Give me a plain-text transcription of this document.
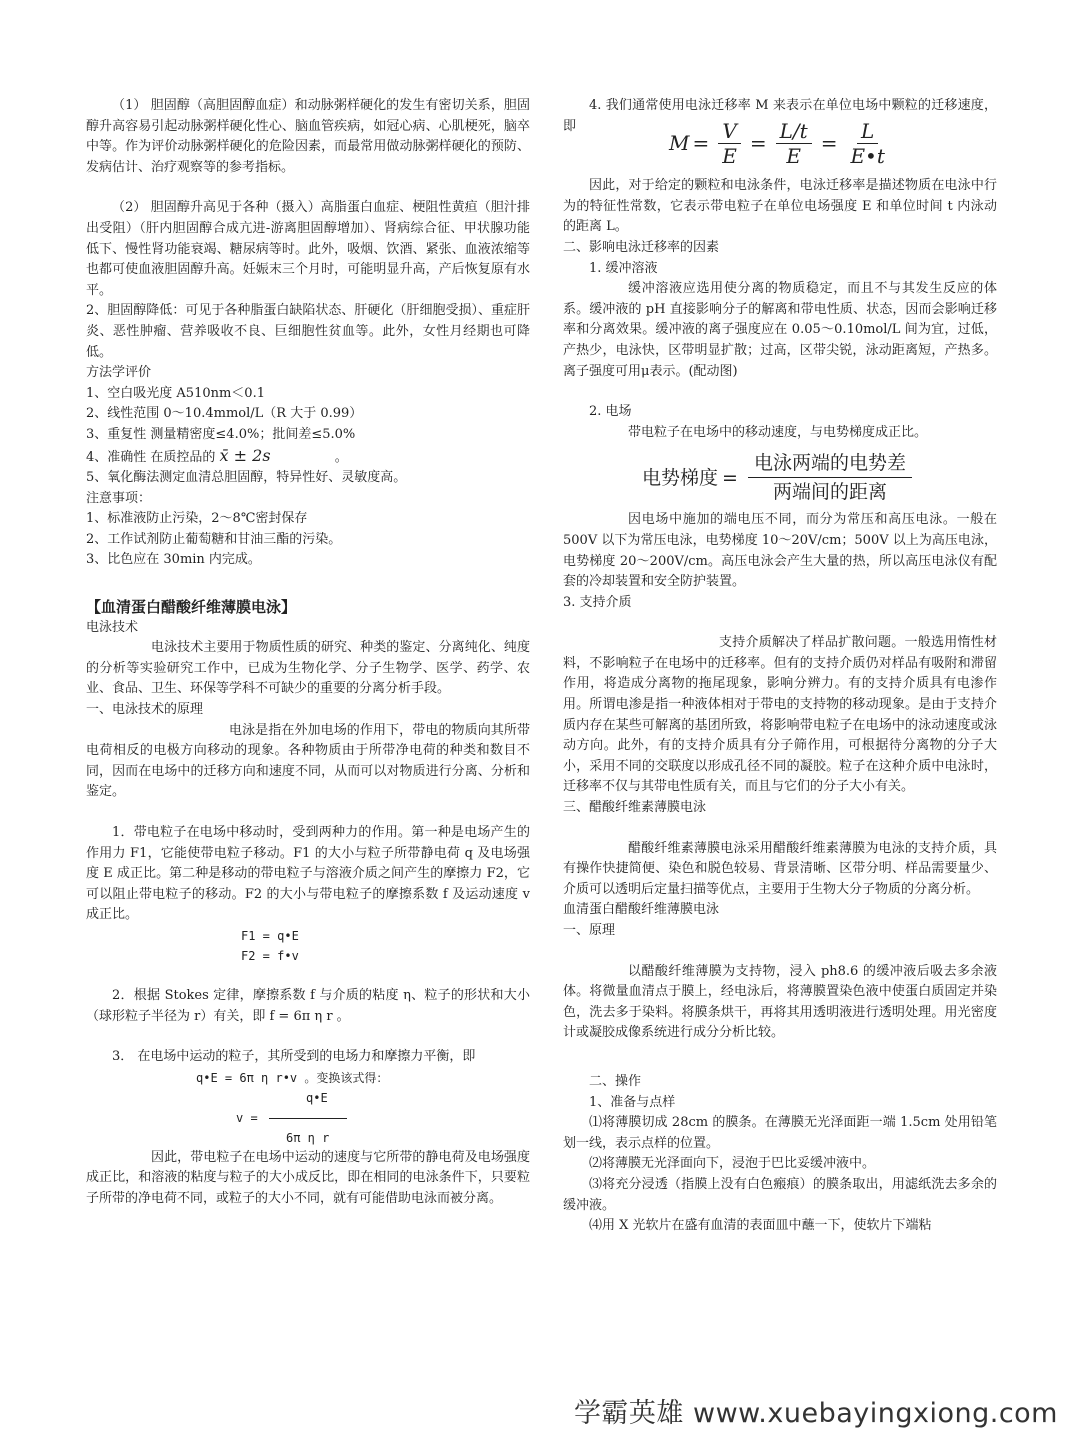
（1） 胆固醇（高胆固醇血症）和动脉粥样硬化的发生有密切关系，胆固醇升高容易引起动脉粥样硬化性心、脑血管疾病，如冠心病、心肌梗死，脑卒中等。作为评价动脉粥样硬化的危险因素，而最常用做动脉粥样硬化的预防、发病估计、治疗观察等的参考指标。

（2） 胆固醇升高见于各种（摄入）高脂蛋白血症、梗阻性黄疸（胆汁排出受阻）（肝内胆固醇合成亢进-游离胆固醇增加）、肾病综合征、甲状腺功能低下、慢性肾功能衰竭、糖尿病等时。此外，吸烟、饮酒、紧张、血液浓缩等也都可使血液胆固醇升高。妊娠末三个月时，可能明显升高，产后恢复原有水平。

2、胆固醇降低：可见于各种脂蛋白缺陷状态、肝硬化（肝细胞受损）、重症肝炎、恶性肿瘤、营养吸收不良、巨细胞性贫血等。此外，女性月经期也可降低。

方法学评价

1、空白吸光度 A510nm＜0.1

2、线性范围 0～10.4mmol/L（R 大于 0.99）

3、重复性 测量精密度≤4.0%；批间差≤5.0%

4、准确性 在质控品的 x̄ ± 2s	。

5、氧化酶法测定血清总胆固醇，特异性好、灵敏度高。

注意事项：

1、标准液防止污染，2～8℃密封保存

2、工作试剂防止葡萄糖和甘油三酯的污染。

3、比色应在 30min 内完成。

【血清蛋白醋酸纤维薄膜电泳】

电泳技术

电泳技术主要用于物质性质的研究、种类的鉴定、分离纯化、纯度的分析等实验研究工作中，已成为生物化学、分子生物学、医学、药学、农业、食品、卫生、环保等学科不可缺少的重要的分离分析手段。

一、电泳技术的原理

电泳是指在外加电场的作用下，带电的物质向其所带电荷相反的电极方向移动的现象。各种物质由于所带净电荷的种类和数目不同，因而在电场中的迁移方向和速度不同，从而可以对物质进行分离、分析和鉴定。

1．带电粒子在电场中移动时，受到两种力的作用。第一种是电场产生的作用力 F1，它能使带电粒子移动。F1 的大小与粒子所带静电荷 q 及电场强度 E 成正比。第二种是移动的带电粒子与溶液介质之间产生的摩擦力 F2，它可以阻止带电粒子的移动。F2 的大小与带电粒子的摩擦系数 f 及运动速度 v 成正比。

F1 = q•E

F2 = f•v

2．根据 Stokes 定律，摩擦系数 f 与介质的粘度 η、粒子的形状和大小（球形粒子半径为 r）有关，即 f = 6π η r 。

3． 在电场中运动的粒子，其所受到的电场力和摩擦力平衡，即

q•E = 6π η r•v 。变换该式得：

q•E

v =

6π η r

因此，带电粒子在电场中运动的速度与它所带的静电荷及电场强度成正比，和溶液的粘度与粒子的大小成反比，即在相同的电泳条件下，只要粒子所带的净电荷不同，或粒子的大小不同，就有可能借助电泳而被分离。

4. 我们通常使用电泳迁移率 M 来表示在单位电场中颗粒的迁移速度，即

$M = \frac{V}{E} = \frac{L/t}{E} = \frac{L}{E•t}$

因此，对于给定的颗粒和电泳条件，电泳迁移率是描述物质在电泳中行为的特征性常数，它表示带电粒子在单位电场强度 E 和单位时间 t 内泳动的距离 L。

二、影响电泳迁移率的因素

1. 缓冲溶液

缓冲溶液应选用使分离的物质稳定，而且不与其发生反应的体系。缓冲液的 pH 直接影响分子的解离和带电性质、状态，因而会影响迁移率和分离效果。缓冲液的离子强度应在 0.05～0.10mol/L 间为宜，过低，产热少，电泳快，区带明显扩散；过高，区带尖锐，泳动距离短，产热多。离子强度可用μ表示。(配动图)

2. 电场

带电粒子在电场中的移动速度，与电势梯度成正比。

电势梯度 = $\frac{\text{电泳两端的电势差}}{\text{两端间的距离}}$

因电场中施加的端电压不同，而分为常压和高压电泳。一般在 500V 以下为常压电泳，电势梯度 10～20V/cm；500V 以上为高压电泳，电势梯度 20～200V/cm。高压电泳会产生大量的热，所以高压电泳仪有配套的冷却装置和安全防护装置。

3. 支持介质

支持介质解决了样品扩散问题。一般选用惰性材料，不影响粒子在电场中的迁移率。但有的支持介质仍对样品有吸附和滞留作用，将造成分离物的拖尾现象，影响分辨力。有的支持介质具有电渗作用。所谓电渗是指一种液体相对于带电的支持物的移动现象。是由于支持介质内存在某些可解离的基团所致，将影响带电粒子在电场中的泳动速度或泳动方向。此外，有的支持介质具有分子筛作用，可根据待分离物的分子大小，采用不同的交联度以形成孔径不同的凝胶。粒子在这种介质中电泳时，迁移率不仅与其带电性质有关，而且与它们的分子大小有关。

三、醋酸纤维素薄膜电泳

醋酸纤维素薄膜电泳采用醋酸纤维素薄膜为电泳的支持介质，具有操作快捷简便、染色和脱色较易、背景清晰、区带分明、样品需要量少、介质可以透明后定量扫描等优点，主要用于生物大分子物质的分离分析。

血清蛋白醋酸纤维薄膜电泳

一、原理

以醋酸纤维薄膜为支持物，浸入 ph8.6 的缓冲液后吸去多余液体。将微量血清点于膜上，经电泳后，将薄膜置染色液中使蛋白质固定并染色，洗去多于染料。将膜条烘干，再将其用透明液进行透明处理。用光密度计或凝胶成像系统进行成分分析比较。

二、操作

1、准备与点样

⑴将薄膜切成 28cm 的膜条。在薄膜无光泽面距一端 1.5cm 处用铅笔划一线，表示点样的位置。

⑵将薄膜无光泽面向下，浸泡于巴比妥缓冲液中。

⑶将充分浸透（指膜上没有白色瘢痕）的膜条取出，用滤纸洗去多余的缓冲液。

⑷用 X 光软片在盛有血清的表面皿中蘸一下，使软片下端粘

学霸英雄 www.xuebayingxiong.com
